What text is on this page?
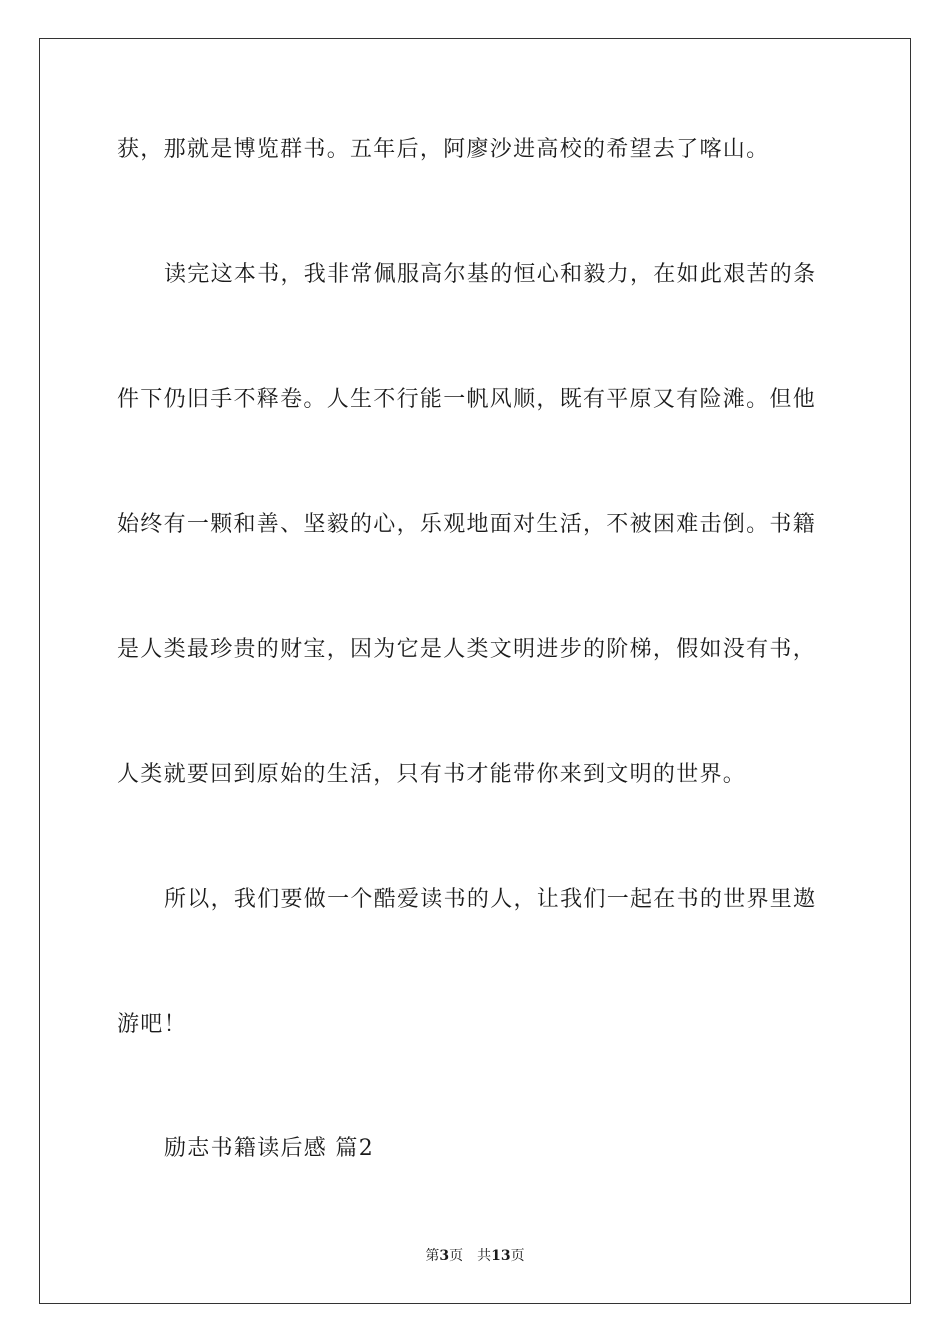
获，那就是博览群书。五年后，阿廖沙进高校的希望去了喀山。
读完这本书，我非常佩服高尔基的恒心和毅力，在如此艰苦的条
件下仍旧手不释卷。人生不行能一帆风顺，既有平原又有险滩。但他
始终有一颗和善、坚毅的心，乐观地面对生活，不被困难击倒。书籍
是人类最珍贵的财宝，因为它是人类文明进步的阶梯，假如没有书，
人类就要回到原始的生活，只有书才能带你来到文明的世界。
所以，我们要做一个酷爱读书的人，让我们一起在书的世界里遨
游吧！
励志书籍读后感 篇2
第3页 共13页
